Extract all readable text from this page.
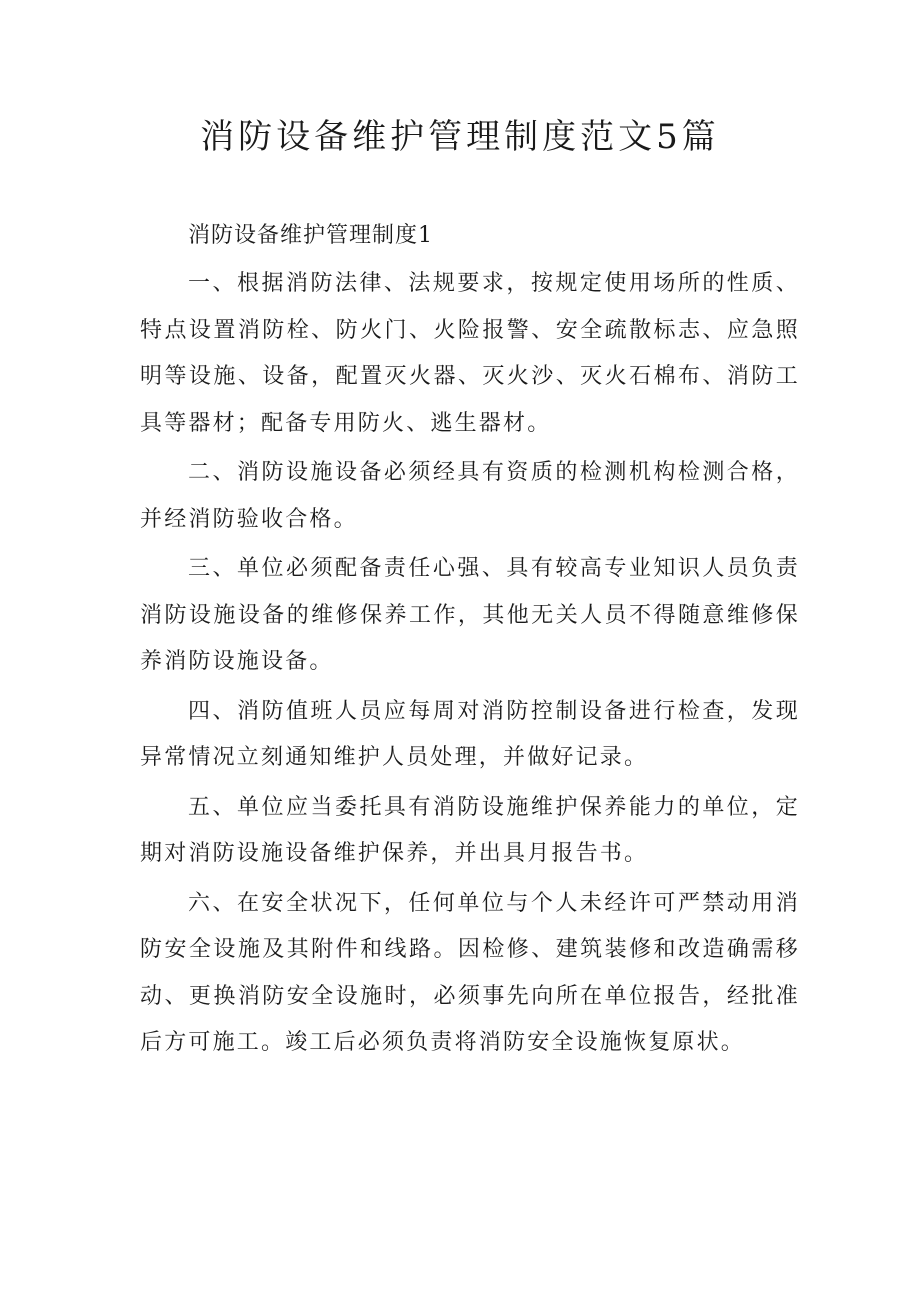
消防设备维护管理制度范文5篇

消防设备维护管理制度1

一、根据消防法律、法规要求，按规定使用场所的性质、特点设置消防栓、防火门、火险报警、安全疏散标志、应急照明等设施、设备，配置灭火器、灭火沙、灭火石棉布、消防工具等器材；配备专用防火、逃生器材。

二、消防设施设备必须经具有资质的检测机构检测合格，并经消防验收合格。

三、单位必须配备责任心强、具有较高专业知识人员负责消防设施设备的维修保养工作，其他无关人员不得随意维修保养消防设施设备。

四、消防值班人员应每周对消防控制设备进行检查，发现异常情况立刻通知维护人员处理，并做好记录。

五、单位应当委托具有消防设施维护保养能力的单位，定期对消防设施设备维护保养，并出具月报告书。

六、在安全状况下，任何单位与个人未经许可严禁动用消防安全设施及其附件和线路。因检修、建筑装修和改造确需移动、更换消防安全设施时，必须事先向所在单位报告，经批准后方可施工。竣工后必须负责将消防安全设施恢复原状。
